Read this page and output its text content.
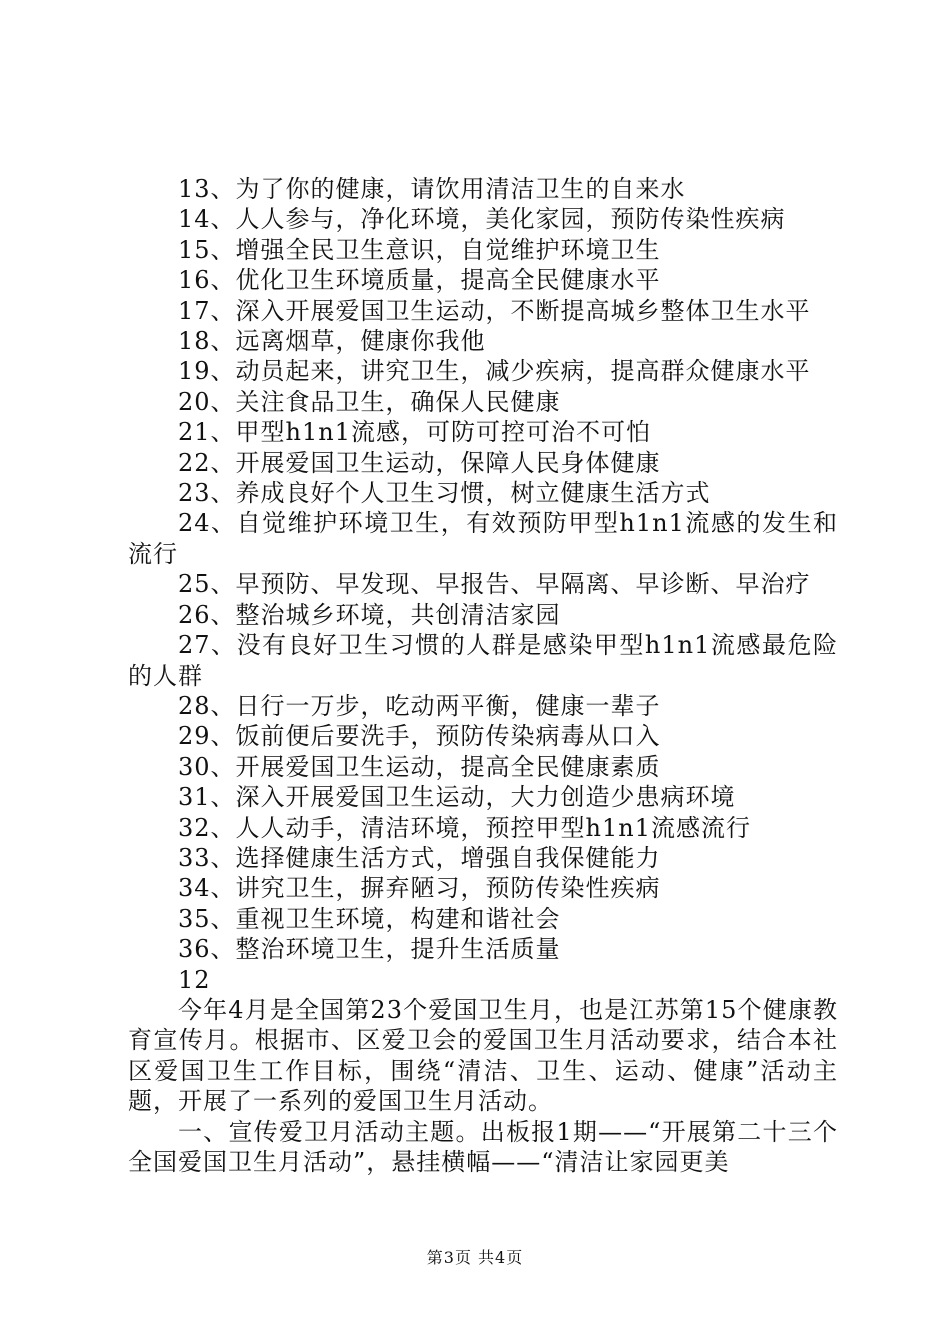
13、为了你的健康，请饮用清洁卫生的自来水

14、人人参与，净化环境，美化家园，预防传染性疾病

15、增强全民卫生意识，自觉维护环境卫生

16、优化卫生环境质量，提高全民健康水平

17、深入开展爱国卫生运动，不断提高城乡整体卫生水平

18、远离烟草，健康你我他

19、动员起来，讲究卫生，减少疾病，提高群众健康水平

20、关注食品卫生，确保人民健康

21、甲型h1n1流感，可防可控可治不可怕

22、开展爱国卫生运动，保障人民身体健康

23、养成良好个人卫生习惯，树立健康生活方式

24、自觉维护环境卫生，有效预防甲型h1n1流感的发生和流行

25、早预防、早发现、早报告、早隔离、早诊断、早治疗

26、整治城乡环境，共创清洁家园

27、没有良好卫生习惯的人群是感染甲型h1n1流感最危险的人群

28、日行一万步，吃动两平衡，健康一辈子

29、饭前便后要洗手，预防传染病毒从口入

30、开展爱国卫生运动，提高全民健康素质

31、深入开展爱国卫生运动，大力创造少患病环境

32、人人动手，清洁环境，预控甲型h1n1流感流行

33、选择健康生活方式，增强自我保健能力

34、讲究卫生，摒弃陋习，预防传染性疾病

35、重视卫生环境，构建和谐社会

36、整治环境卫生，提升生活质量

12

今年4月是全国第23个爱国卫生月，也是江苏第15个健康教育宣传月。根据市、区爱卫会的爱国卫生月活动要求，结合本社区爱国卫生工作目标，围绕“清洁、卫生、运动、健康”活动主题，开展了一系列的爱国卫生月活动。

一、宣传爱卫月活动主题。出板报1期——“开展第二十三个全国爱国卫生月活动”，悬挂横幅——“清洁让家园更美

第3页 共4页
